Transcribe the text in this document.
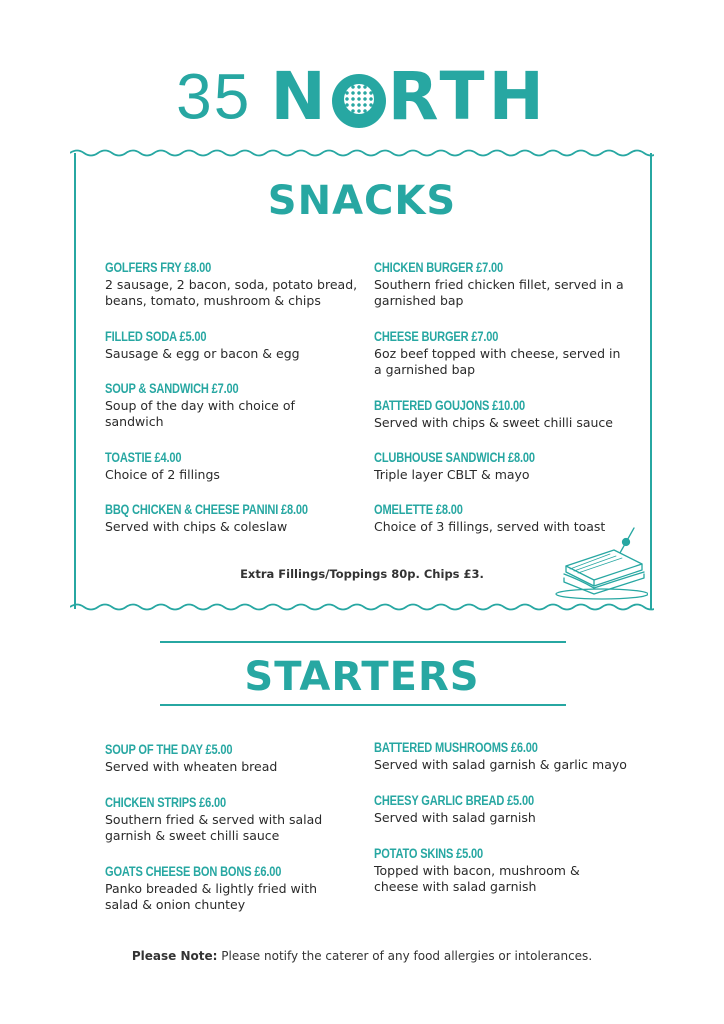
35 N RTH
SNACKS
GOLFERS FRY £8.00
2 sausage, 2 bacon, soda, potato bread, beans, tomato, mushroom & chips
FILLED SODA £5.00
Sausage & egg or bacon & egg
SOUP & SANDWICH £7.00
Soup of the day with choice of sandwich
TOASTIE £4.00
Choice of 2 fillings
BBQ CHICKEN & CHEESE PANINI £8.00
Served with chips & coleslaw
CHICKEN BURGER £7.00
Southern fried chicken fillet, served in a garnished bap
CHEESE BURGER £7.00
6oz beef topped with cheese, served in a garnished bap
BATTERED GOUJONS £10.00
Served with chips & sweet chilli sauce
CLUBHOUSE SANDWICH £8.00
Triple layer CBLT & mayo
OMELETTE £8.00
Choice of 3 fillings, served with toast
Extra Fillings/Toppings 80p. Chips £3.
STARTERS
SOUP OF THE DAY £5.00
Served with wheaten bread
CHICKEN STRIPS £6.00
Southern fried & served with salad garnish & sweet chilli sauce
GOATS CHEESE BON BONS £6.00
Panko breaded & lightly fried with salad & onion chuntey
BATTERED MUSHROOMS £6.00
Served with salad garnish & garlic mayo
CHEESY GARLIC BREAD £5.00
Served with salad garnish
POTATO SKINS £5.00
Topped with bacon, mushroom & cheese with salad garnish
Please Note: Please notify the caterer of any food allergies or intolerances.
